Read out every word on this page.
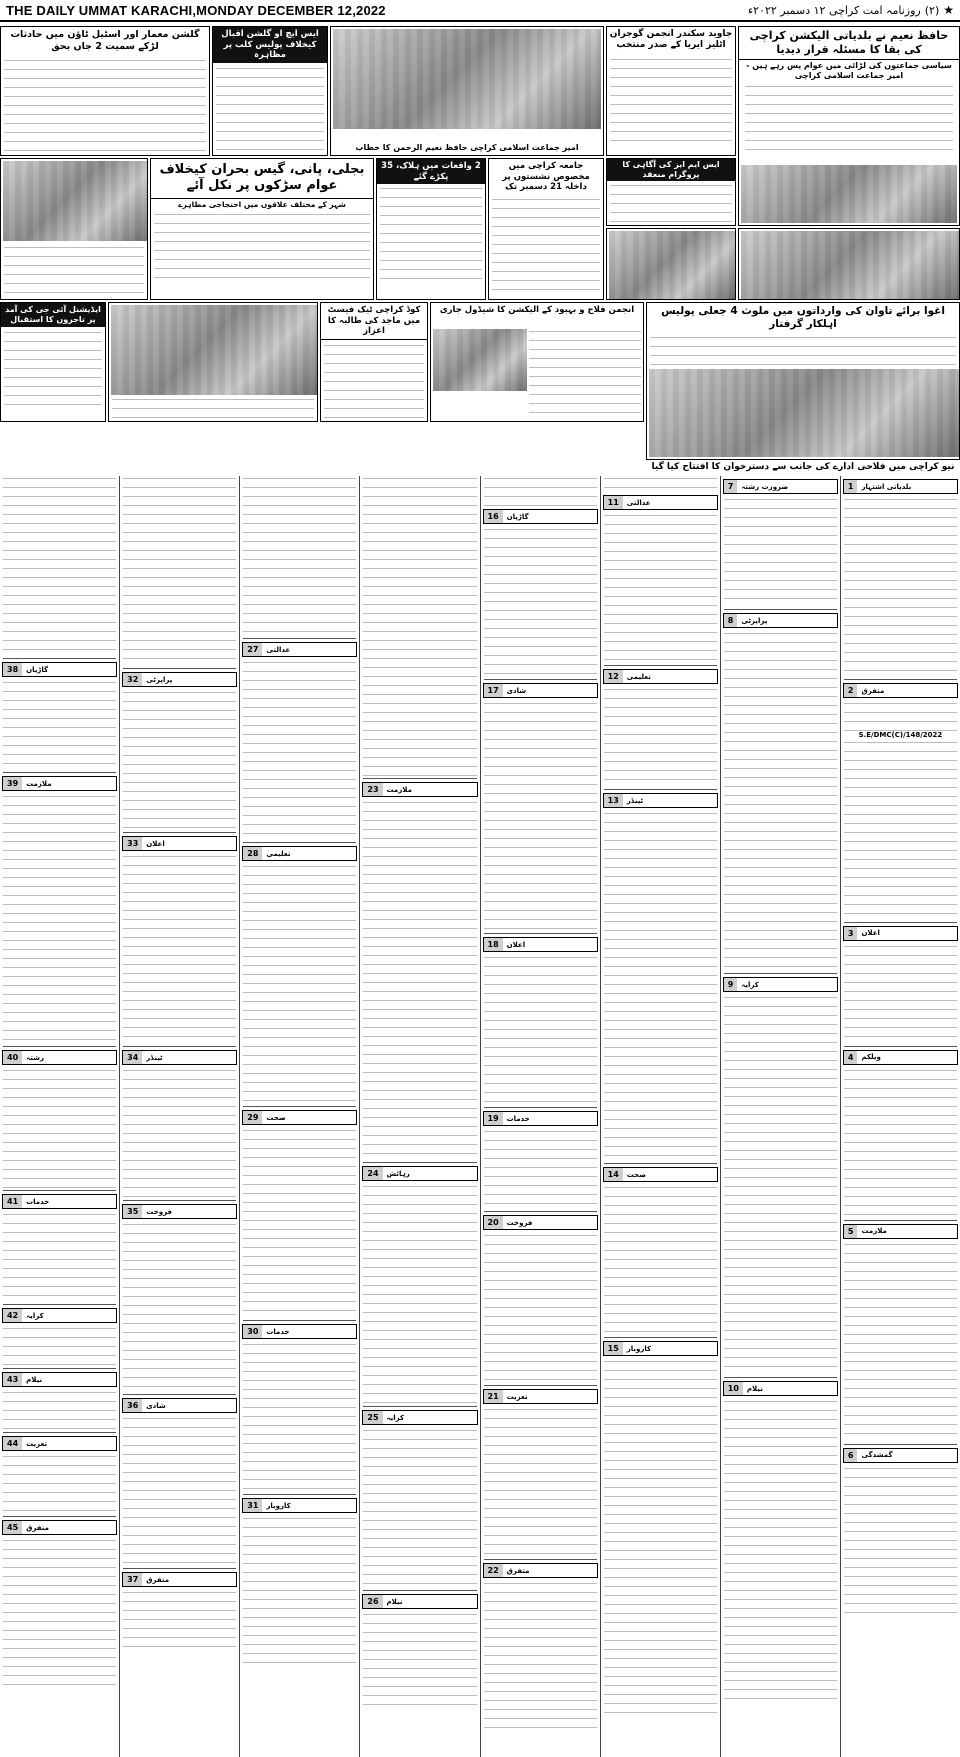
THE DAILY UMMAT KARACHI,MONDAY DECEMBER 12,2022	★
(۲)
روزنامہ امت کراچی ۱۲ دسمبر ۲۰۲۲ء
حافظ نعیم نے بلدیاتی الیکشن کراچی کی بقا کا مسئلہ قرار دیدیا
سیاسی جماعتوں کی لڑائی میں عوام پس رہے ہیں - امیر جماعت اسلامی کراچی
جاوید سکندر انجمن گوجران اٹلیز ایریا کے صدر منتخب
امیر جماعت اسلامی کراچی حافظ نعیم الرحمن کا خطاب
ایس ایچ او گلشن اقبال کیخلاف پولیس کلب پر مظاہرہ
گلشن معمار اور اسٹیل ٹاؤن میں حادثات لڑکے سمیت 2 جاں بحق
ایس ایم ایز کی آگاہی کا پروگرام منعقد
جامعہ کراچی میں مخصوص نشستوں پر داخلہ 21 دسمبر تک
2 واقعات میں ہلاک، 35 پکڑے گئے
بجلی، پانی، گیس بحران کیخلاف عوام سڑکوں پر نکل آئے
شہر کے مختلف علاقوں میں احتجاجی مظاہرے
اغوا برائے تاوان کی وارداتوں میں ملوث 4 جعلی پولیس اہلکار گرفتار
انجمن فلاح و بہبود کے الیکشن کا شیڈول جاری
کوڈ کراچی ٹیک فیسٹ میں ماجد کی طالبہ کا اعزاز
ایڈیشنل آئی جی کی آمد پر تاجروں کا استقبال
نیو کراچی میں فلاحی ادارے کی جانب سے دسترخوان کا افتتاح کیا گیا
1	بلدیاتی اشتہار
2	متفرق
S.E/DMC(C)/148/2022
3	اعلان
4	ویلکم
5	ملازمت
6	گمشدگی
7	ضرورت رشتہ
8	پراپرٹی
9	کرایہ
10	نیلام
11	عدالتی
12	تعلیمی
13	ٹینڈر
14	صحت
15	کاروبار
16	گاڑیاں
17	شادی
18	اعلان
19	خدمات
20	فروخت
21	تعزیت
22	متفرق
23	ملازمت
24	رہائش
25	کرایہ
26	نیلام
27	عدالتی
28	تعلیمی
29	صحت
30	خدمات
31	کاروبار
32	پراپرٹی
33	اعلان
34	ٹینڈر
35	فروخت
36	شادی
37	متفرق
38	گاڑیاں
39	ملازمت
40	رشتہ
41	خدمات
42	کرایہ
43	نیلام
44	تعزیت
45	متفرق
